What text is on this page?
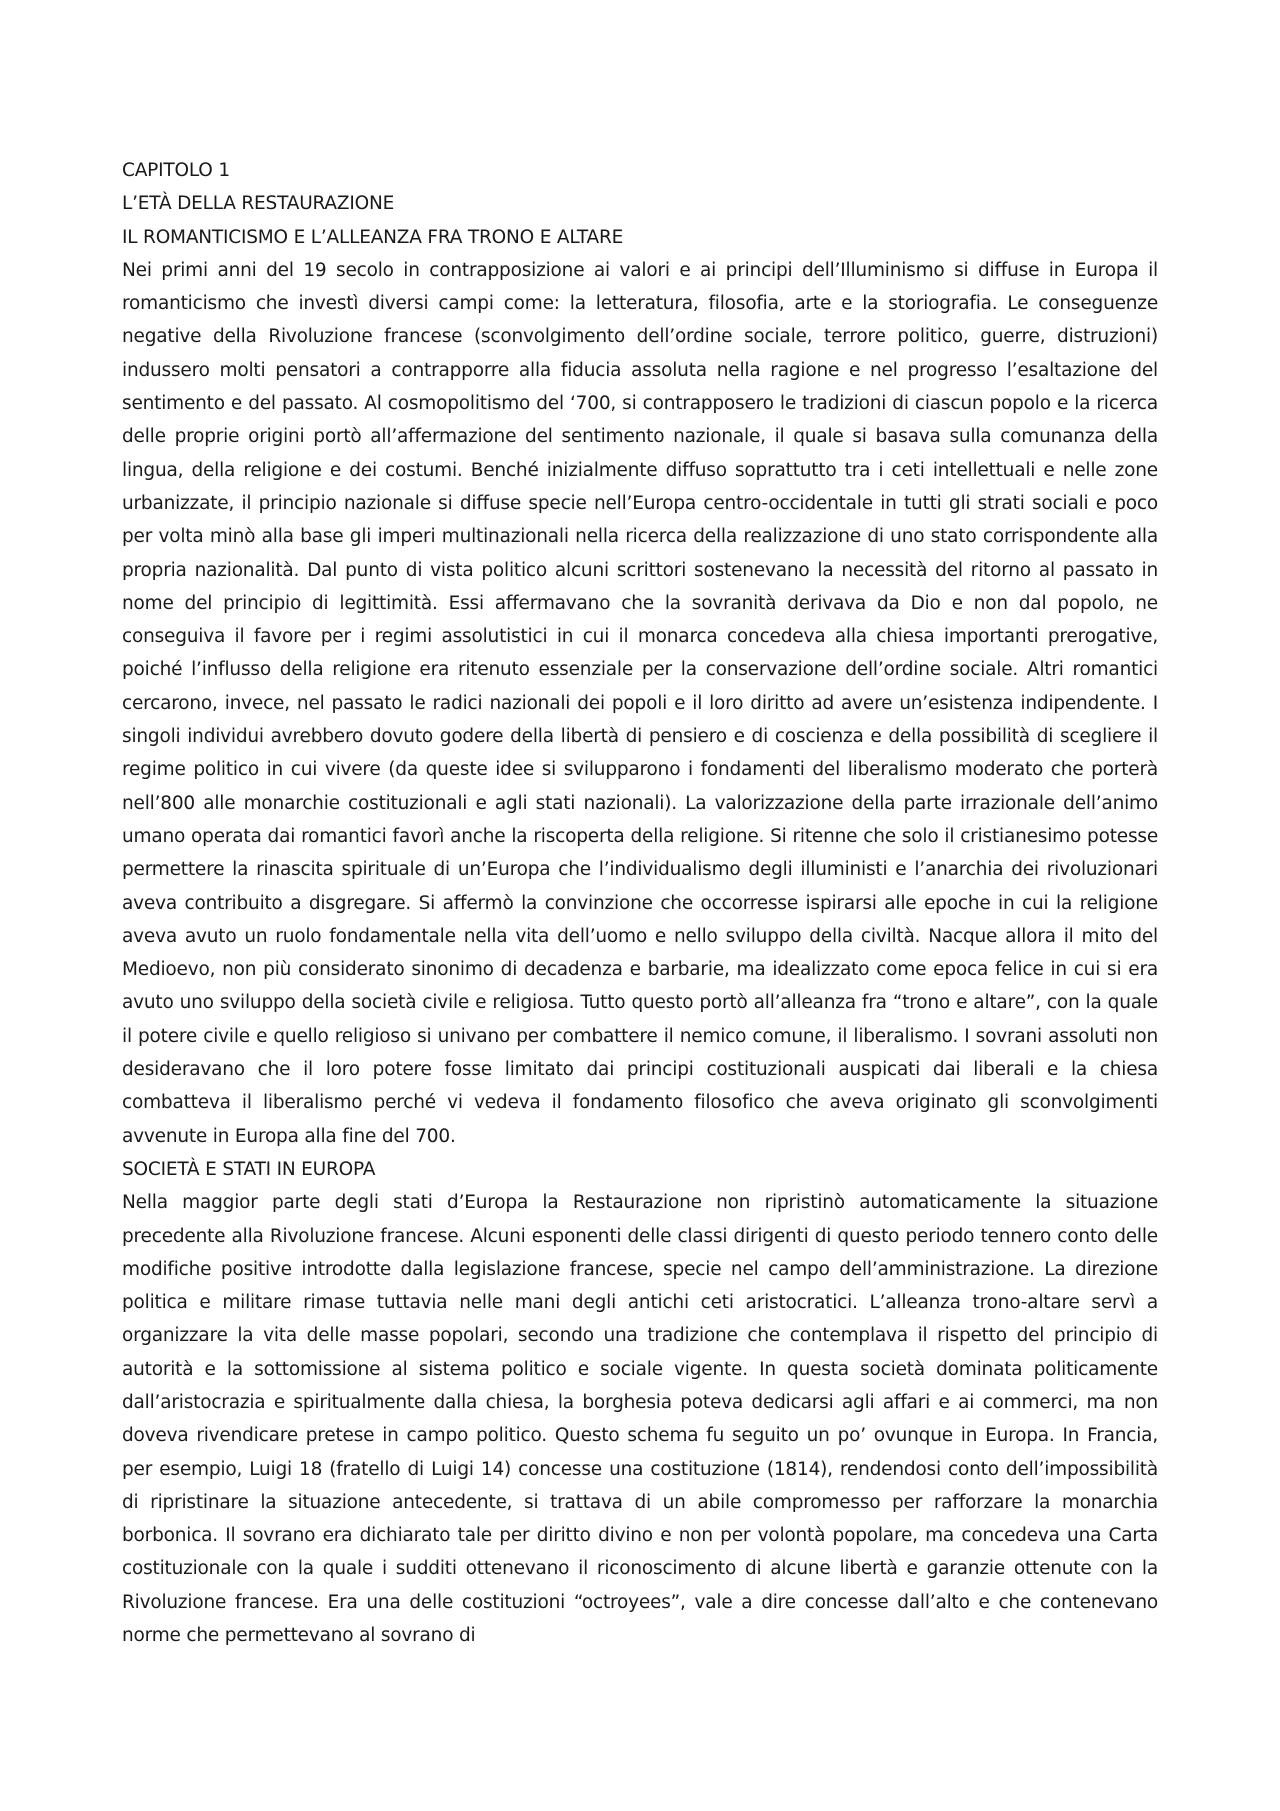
CAPITOLO 1

L’ETÀ DELLA RESTAURAZIONE

IL ROMANTICISMO E L’ALLEANZA FRA TRONO E ALTARE

Nei primi anni del 19 secolo in contrapposizione ai valori e ai principi dell’Illuminismo si diffuse in Europa il romanticismo che investì diversi campi come: la letteratura, filosofia, arte e la storiografia. Le conseguenze negative della Rivoluzione francese (sconvolgimento dell’ordine sociale, terrore politico, guerre, distruzioni) indussero molti pensatori a contrapporre alla fiducia assoluta nella ragione e nel progresso l’esaltazione del sentimento e del passato. Al cosmopolitismo del ‘700, si contrapposero le tradizioni di ciascun popolo e la ricerca delle proprie origini portò all’affermazione del sentimento nazionale, il quale si basava sulla comunanza della lingua, della religione e dei costumi. Benché inizialmente diffuso soprattutto tra i ceti intellettuali e nelle zone urbanizzate, il principio nazionale si diffuse specie nell’Europa centro-occidentale in tutti gli strati sociali e poco per volta minò alla base gli imperi multinazionali nella ricerca della realizzazione di uno stato corrispondente alla propria nazionalità. Dal punto di vista politico alcuni scrittori sostenevano la necessità del ritorno al passato in nome del principio di legittimità. Essi affermavano che la sovranità derivava da Dio e non dal popolo, ne conseguiva il favore per i regimi assolutistici in cui il monarca concedeva alla chiesa importanti prerogative, poiché l’influsso della religione era ritenuto essenziale per la conservazione dell’ordine sociale. Altri romantici cercarono, invece, nel passato le radici nazionali dei popoli e il loro diritto ad avere un’esistenza indipendente. I singoli individui avrebbero dovuto godere della libertà di pensiero e di coscienza e della possibilità di scegliere il regime politico in cui vivere (da queste idee si svilupparono i fondamenti del liberalismo moderato che porterà nell’800 alle monarchie costituzionali e agli stati nazionali). La valorizzazione della parte irrazionale dell’animo umano operata dai romantici favorì anche la riscoperta della religione. Si ritenne che solo il cristianesimo potesse permettere la rinascita spirituale di un’Europa che l’individualismo degli illuministi e l’anarchia dei rivoluzionari aveva contribuito a disgregare. Si affermò la convinzione che occorresse ispirarsi alle epoche in cui la religione aveva avuto un ruolo fondamentale nella vita dell’uomo e nello sviluppo della civiltà. Nacque allora il mito del Medioevo, non più considerato sinonimo di decadenza e barbarie, ma idealizzato come epoca felice in cui si era avuto uno sviluppo della società civile e religiosa. Tutto questo portò all’alleanza fra “trono e altare”, con la quale il potere civile e quello religioso si univano per combattere il nemico comune, il liberalismo. I sovrani assoluti non desideravano che il loro potere fosse limitato dai principi costituzionali auspicati dai liberali e la chiesa combatteva il liberalismo perché vi vedeva il fondamento filosofico che aveva originato gli sconvolgimenti avvenute in Europa alla fine del 700.

SOCIETÀ E STATI IN EUROPA

Nella maggior parte degli stati d’Europa la Restaurazione non ripristinò automaticamente la situazione precedente alla Rivoluzione francese. Alcuni esponenti delle classi dirigenti di questo periodo tennero conto delle modifiche positive introdotte dalla legislazione francese, specie nel campo dell’amministrazione. La direzione politica e militare rimase tuttavia nelle mani degli antichi ceti aristocratici. L’alleanza trono-altare servì a organizzare la vita delle masse popolari, secondo una tradizione che contemplava il rispetto del principio di autorità e la sottomissione al sistema politico e sociale vigente. In questa società dominata politicamente dall’aristocrazia e spiritualmente dalla chiesa, la borghesia poteva dedicarsi agli affari e ai commerci, ma non doveva rivendicare pretese in campo politico. Questo schema fu seguito un po’ ovunque in Europa. In Francia, per esempio, Luigi 18 (fratello di Luigi 14) concesse una costituzione (1814), rendendosi conto dell’impossibilità di ripristinare la situazione antecedente, si trattava di un abile compromesso per rafforzare la monarchia borbonica. Il sovrano era dichiarato tale per diritto divino e non per volontà popolare, ma concedeva una Carta costituzionale con la quale i sudditi ottenevano il riconoscimento di alcune libertà e garanzie ottenute con la Rivoluzione francese. Era una delle costituzioni “octroyees”, vale a dire concesse dall’alto e che contenevano norme che permettevano al sovrano di
